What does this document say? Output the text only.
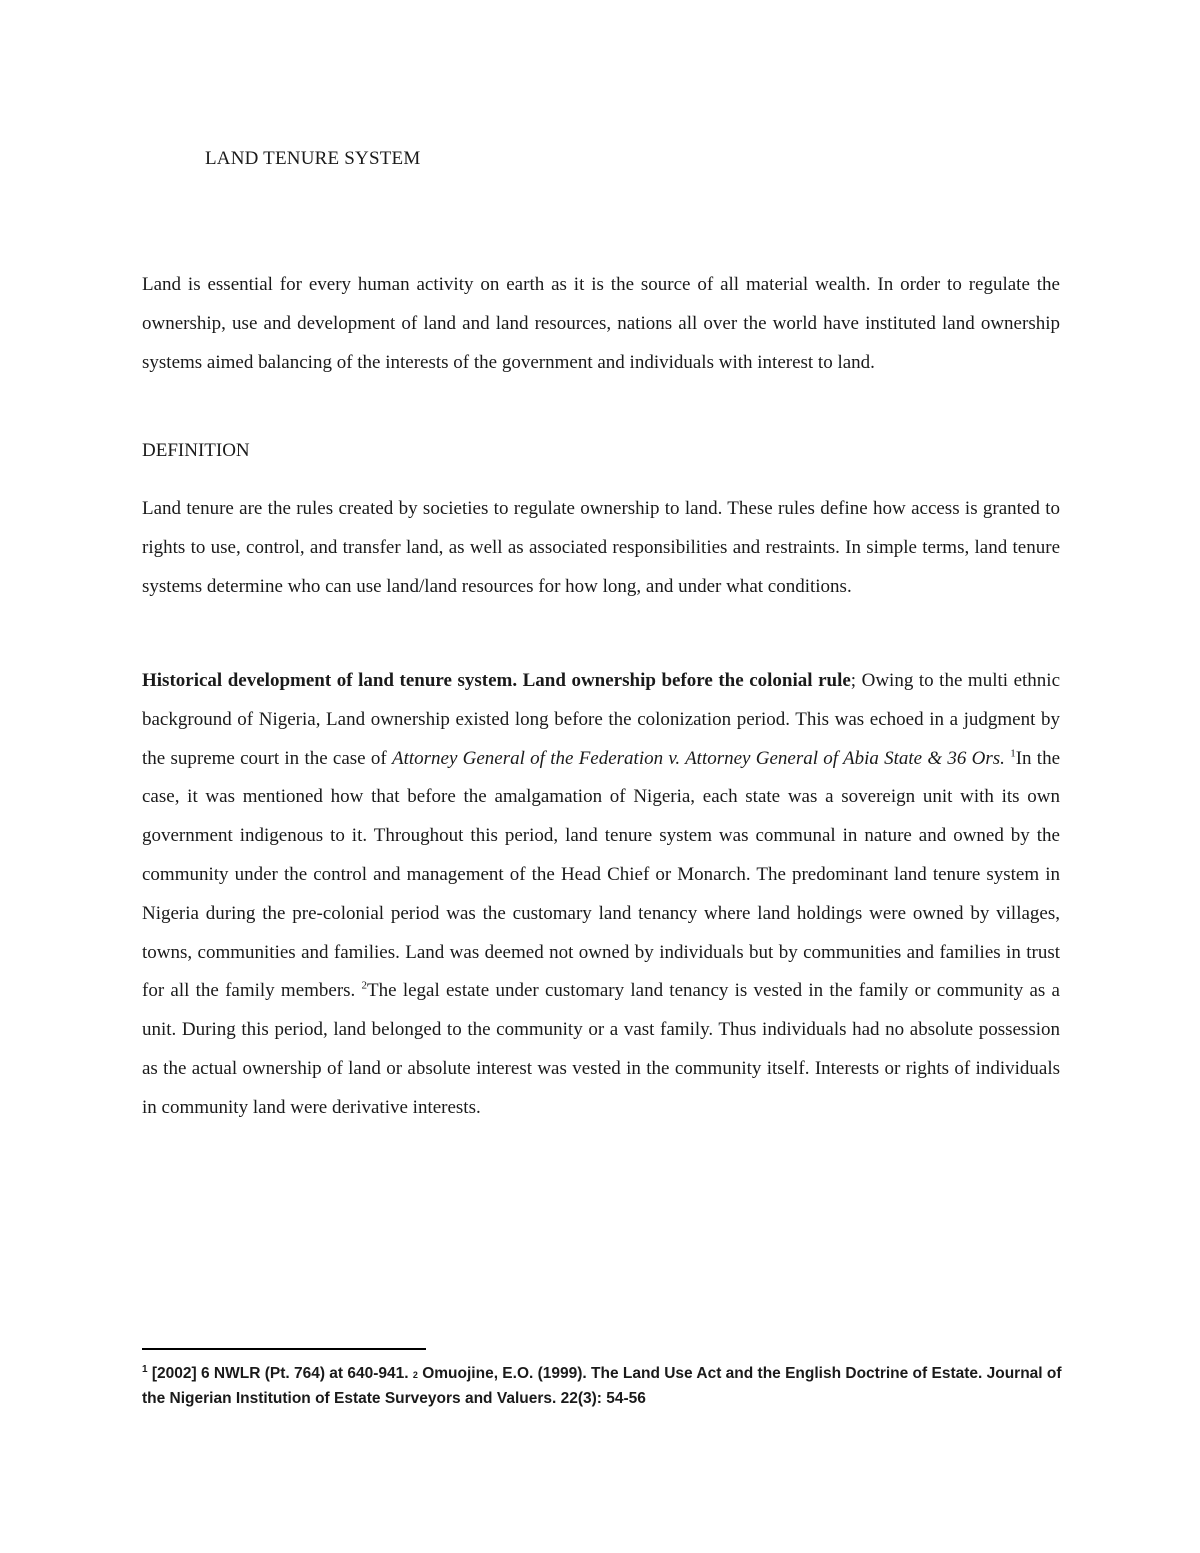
LAND TENURE SYSTEM

Land is essential for every human activity on earth as it is the source of all material wealth. In order to regulate the ownership, use and development of land and land resources, nations all over the world have instituted land ownership systems aimed balancing of the interests of the government and individuals with interest to land.

DEFINITION

Land tenure are the rules created by societies to regulate ownership to land. These rules define how access is granted to rights to use, control, and transfer land, as well as associated responsibilities and restraints. In simple terms, land tenure systems determine who can use land/land resources for how long, and under what conditions.

Historical development of land tenure system. Land ownership before the colonial rule; Owing to the multi ethnic background of Nigeria, Land ownership existed long before the colonization period. This was echoed in a judgment by the supreme court in the case of Attorney General of the Federation v. Attorney General of Abia State & 36 Ors. $^1$In the case, it was mentioned how that before the amalgamation of Nigeria, each state was a sovereign unit with its own government indigenous to it. Throughout this period, land tenure system was communal in nature and owned by the community under the control and management of the Head Chief or Monarch. The predominant land tenure system in Nigeria during the pre-colonial period was the customary land tenancy where land holdings were owned by villages, towns, communities and families. Land was deemed not owned by individuals but by communities and families in trust for all the family members. $^2$The legal estate under customary land tenancy is vested in the family or community as a unit. During this period, land belonged to the community or a vast family. Thus individuals had no absolute possession as the actual ownership of land or absolute interest was vested in the community itself. Interests or rights of individuals in community land were derivative interests.

$^1$ [2002] 6 NWLR (Pt. 764) at 640-941. 2 Omuojine, E.O. (1999). The Land Use Act and the English Doctrine of Estate. Journal of the Nigerian Institution of Estate Surveyors and Valuers. 22(3): 54-56
